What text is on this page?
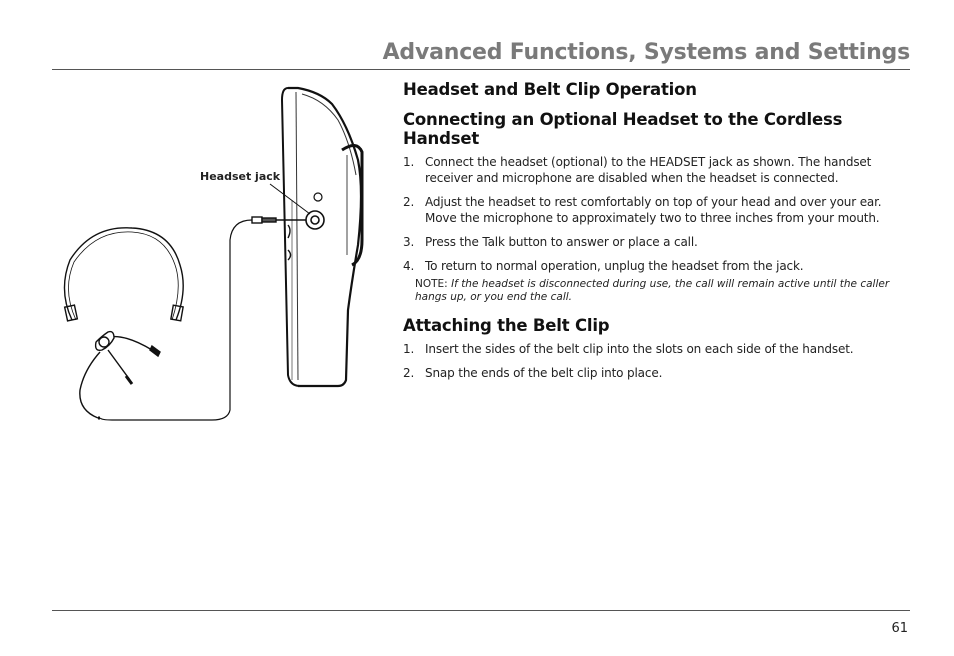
Advanced Functions, Systems and Settings
Headset jack
Headset and Belt Clip Operation
Connecting an Optional Headset to the Cordless Handset
1. Connect the headset (optional) to the HEADSET jack as shown. The handset receiver and microphone are disabled when the headset is connected.
2. Adjust the headset to rest comfortably on top of your head and over your ear. Move the microphone to approximately two to three inches from your mouth.
3. Press the Talk button to answer or place a call.
4. To return to normal operation, unplug the headset from the jack.
NOTE: If the headset is disconnected during use, the call will remain active until the caller hangs up, or you end the call.
Attaching the Belt Clip
1. Insert the sides of the belt clip into the slots on each side of the handset.
2. Snap the ends of the belt clip into place.
61
